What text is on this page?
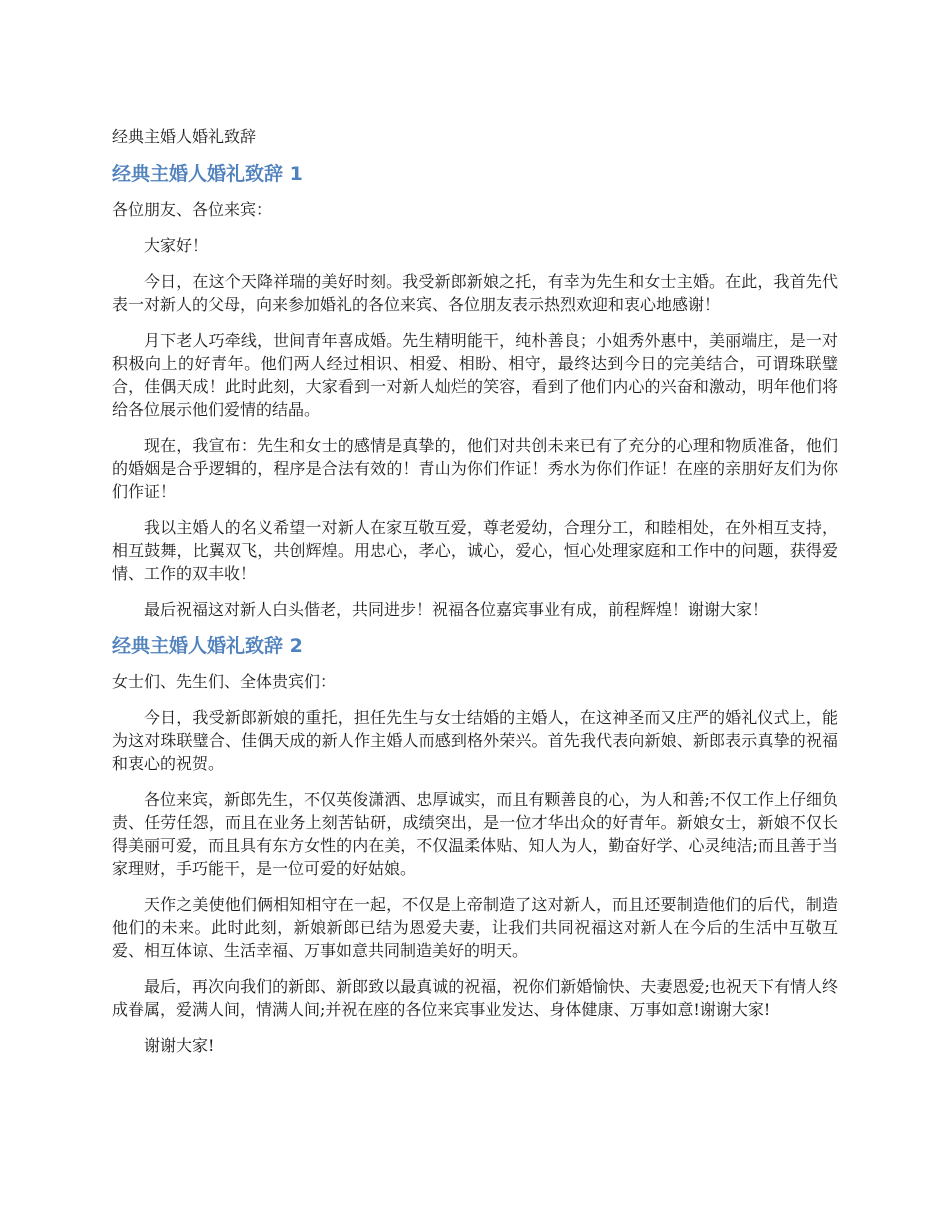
经典主婚人婚礼致辞
经典主婚人婚礼致辞 1
各位朋友、各位来宾：
大家好！
今日，在这个天降祥瑞的美好时刻。我受新郎新娘之托，有幸为先生和女士主婚。在此，我首先代表一对新人的父母，向来参加婚礼的各位来宾、各位朋友表示热烈欢迎和衷心地感谢！
月下老人巧牵线，世间青年喜成婚。先生精明能干，纯朴善良；小姐秀外惠中，美丽端庄，是一对积极向上的好青年。他们两人经过相识、相爱、相盼、相守，最终达到今日的完美结合，可谓珠联璧合，佳偶天成！此时此刻，大家看到一对新人灿烂的笑容，看到了他们内心的兴奋和激动，明年他们将给各位展示他们爱情的结晶。
现在，我宣布：先生和女士的感情是真挚的，他们对共创未来已有了充分的心理和物质准备，他们的婚姻是合乎逻辑的，程序是合法有效的！青山为你们作证！秀水为你们作证！在座的亲朋好友们为你们作证！
我以主婚人的名义希望一对新人在家互敬互爱，尊老爱幼，合理分工，和睦相处，在外相互支持，相互鼓舞，比翼双飞，共创辉煌。用忠心，孝心，诚心，爱心，恒心处理家庭和工作中的问题，获得爱情、工作的双丰收！
最后祝福这对新人白头偕老，共同进步！祝福各位嘉宾事业有成，前程辉煌！谢谢大家！
经典主婚人婚礼致辞 2
女士们、先生们、全体贵宾们：
今日，我受新郎新娘的重托，担任先生与女士结婚的主婚人，在这神圣而又庄严的婚礼仪式上，能为这对珠联璧合、佳偶天成的新人作主婚人而感到格外荣兴。首先我代表向新娘、新郎表示真挚的祝福和衷心的祝贺。
各位来宾，新郎先生，不仅英俊潇洒、忠厚诚实，而且有颗善良的心，为人和善;不仅工作上仔细负责、任劳任怨，而且在业务上刻苦钻研，成绩突出，是一位才华出众的好青年。新娘女士，新娘不仅长得美丽可爱，而且具有东方女性的内在美，不仅温柔体贴、知人为人，勤奋好学、心灵纯洁;而且善于当家理财，手巧能干，是一位可爱的好姑娘。
天作之美使他们俩相知相守在一起，不仅是上帝制造了这对新人，而且还要制造他们的后代，制造他们的未来。此时此刻，新娘新郎已结为恩爱夫妻，让我们共同祝福这对新人在今后的生活中互敬互爱、相互体谅、生活幸福、万事如意共同制造美好的明天。
最后，再次向我们的新郎、新郎致以最真诚的祝福，祝你们新婚愉快、夫妻恩爱;也祝天下有情人终成眷属，爱满人间，情满人间;并祝在座的各位来宾事业发达、身体健康、万事如意!谢谢大家!
谢谢大家!
